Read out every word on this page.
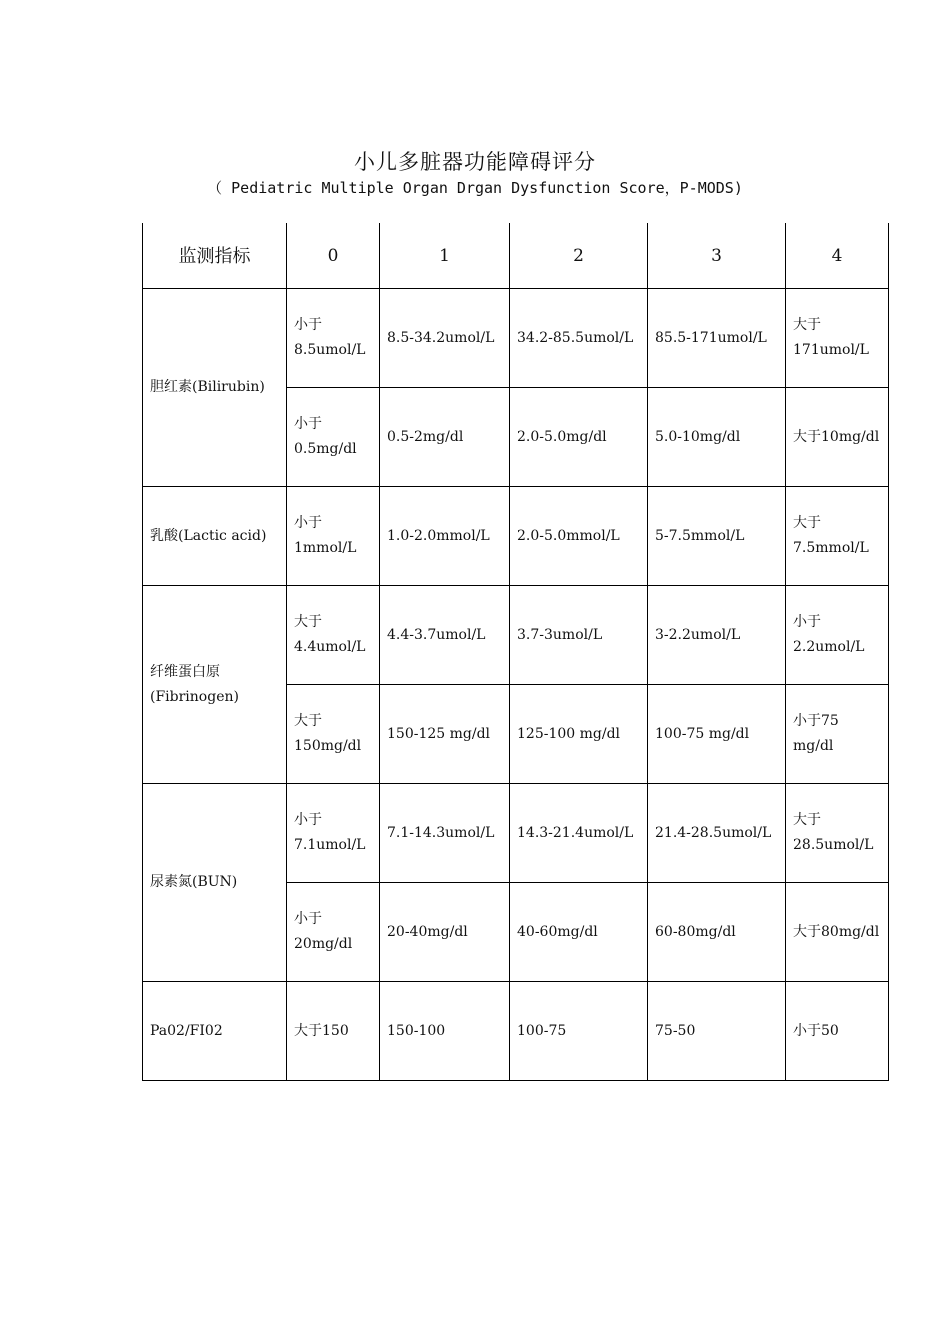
小儿多脏器功能障碍评分
（ Pediatric Multiple Organ Drgan Dysfunction Score，P-MODS)
监测指标	0	1	2	3	4
胆红素(Bilirubin)	小于8.5umol/L	8.5-34.2umol/L	34.2-85.5umol/L	85.5-171umol/L	大于171umol/L
	小于0.5mg/dl	0.5-2mg/dl	2.0-5.0mg/dl	5.0-10mg/dl	大于10mg/dl
乳酸(Lactic acid)	小于1mmol/L	1.0-2.0mmol/L	2.0-5.0mmol/L	5-7.5mmol/L	大于7.5mmol/L
纤维蛋白原(Fibrinogen)	大于4.4umol/L	4.4-3.7umol/L	3.7-3umol/L	3-2.2umol/L	小于2.2umol/L
	大于150mg/dl	150-125 mg/dl	125-100 mg/dl	100-75 mg/dl	小于75 mg/dl
尿素氮(BUN)	小于7.1umol/L	7.1-14.3umol/L	14.3-21.4umol/L	21.4-28.5umol/L	大于28.5umol/L
	小于20mg/dl	20-40mg/dl	40-60mg/dl	60-80mg/dl	大于80mg/dl
Pa02/FI02	大于150	150-100	100-75	75-50	小于50
